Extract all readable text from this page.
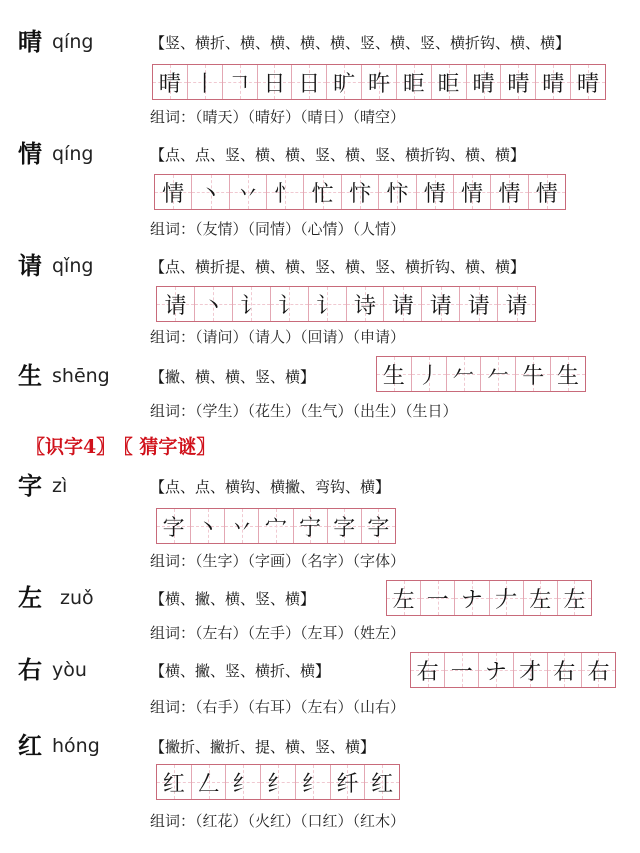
晴 qíng	【竖、横折、横、横、横、横、竖、横、竖、横折钩、横、横】
晴 丨 𠃍 日 日 旷 旿 昛 昛 晴 晴 晴 晴
组词：（晴天）（晴好）（晴日）（晴空）
情 qíng	【点、点、竖、横、横、竖、横、竖、横折钩、横、横】
情 丶 丷 忄 忙 忭 忭 情 情 情 情
组词：（友情）（同情）（心情）（人情）
请 qǐng	【点、横折提、横、横、竖、横、竖、横折钩、横、横】
请 丶 讠 讠 讠 诗 请 请 请 请
组词：（请问）（请人）（回请）（申请）
生 shēng	【撇、横、横、竖、横】	生 丿 𠂉 𠂉 牛 生
组词：（学生）（花生）（生气）（出生）（生日）
〖识字4〗 〖 猜字谜〗
字 zì	【点、点、横钩、横撇、弯钩、横】
字 丶 丷 宀 宁 字 字
组词：（生字）（字画）（名字）（字体）
左 zuǒ	【横、撇、横、竖、横】	左 一 ナ 𠂇 左 左
组词：（左右）（左手）（左耳）（姓左）
右 yòu	【横、撇、竖、横折、横】	右 一 ナ 才 右 右
组词：（右手）（右耳）（左右）（山右）
红 hóng	【撇折、撇折、提、横、竖、横】
红 𠃋 纟 纟 纟 纤 红
组词：（红花）（火红）（口红）（红木）
